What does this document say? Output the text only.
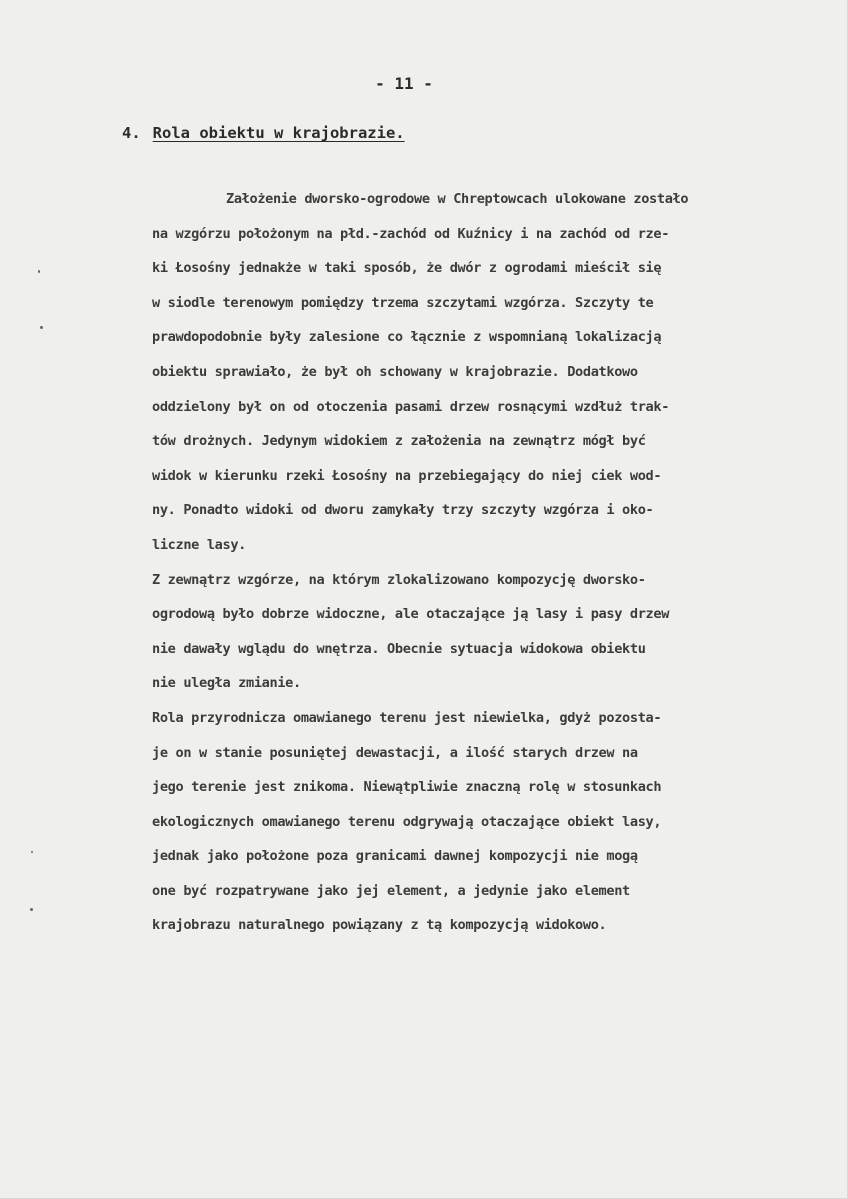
- 11 -
4. Rola obiektu w krajobrazie.
Założenie dworsko-ogrodowe w Chreptowcach ulokowane zostało
na wzgórzu położonym na płd.-zachód od Kuźnicy i na zachód od rze-
ki Łosośny jednakże w taki sposób, że dwór z ogrodami mieścił się
w siodle terenowym pomiędzy trzema szczytami wzgórza. Szczyty te
prawdopodobnie były zalesione co łącznie z wspomnianą lokalizacją
obiektu sprawiało, że był oh schowany w krajobrazie. Dodatkowo
oddzielony był on od otoczenia pasami drzew rosnącymi wzdłuż trak-
tów drożnych. Jedynym widokiem z założenia na zewnątrz mógł być
widok w kierunku rzeki Łosośny na przebiegający do niej ciek wod-
ny. Ponadto widoki od dworu zamykały trzy szczyty wzgórza i oko-
liczne lasy.
Z zewnątrz wzgórze, na którym zlokalizowano kompozycję dworsko-
ogrodową było dobrze widoczne, ale otaczające ją lasy i pasy drzew
nie dawały wglądu do wnętrza. Obecnie sytuacja widokowa obiektu
nie uległa zmianie.
Rola przyrodnicza omawianego terenu jest niewielka, gdyż pozosta-
je on w stanie posuniętej dewastacji, a ilość starych drzew na
jego terenie jest znikoma. Niewątpliwie znaczną rolę w stosunkach
ekologicznych omawianego terenu odgrywają otaczające obiekt lasy,
jednak jako położone poza granicami dawnej kompozycji nie mogą
one być rozpatrywane jako jej element, a jedynie jako element
krajobrazu naturalnego powiązany z tą kompozycją widokowo.
